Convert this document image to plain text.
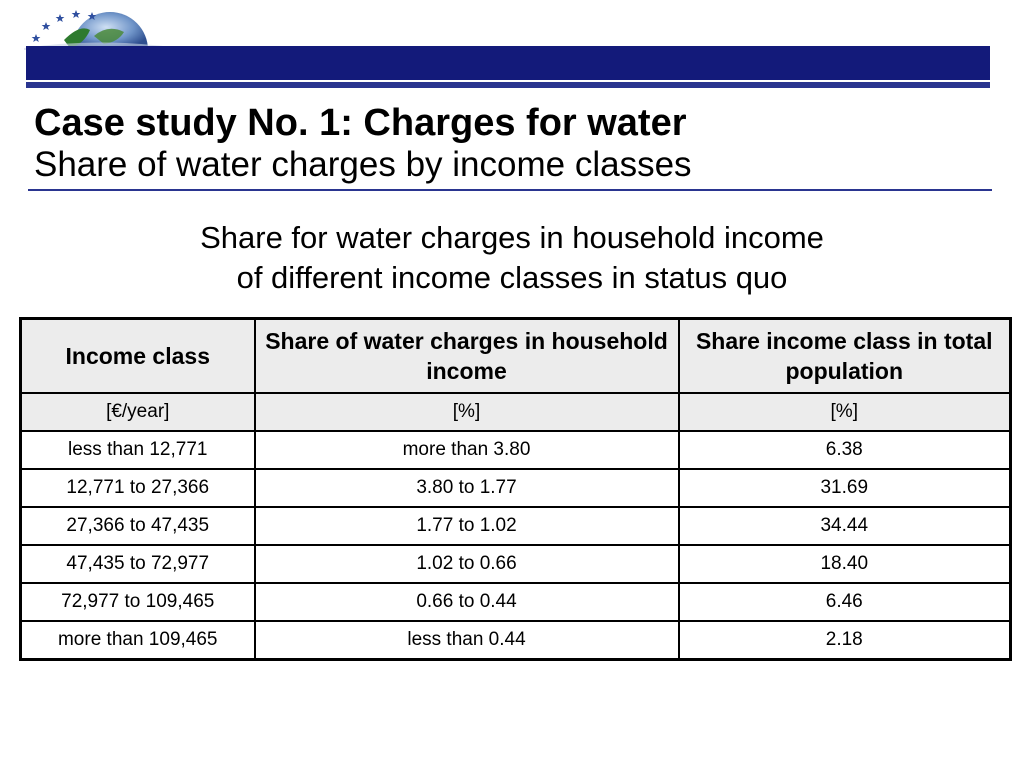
Case study No. 1: Charges for water
Share of water charges by income classes
Share for water charges in household income
of different income classes in status quo
Income class	Share of water charges in household income	Share income class in total population
[€/year]	[%]	[%]
less than 12,771	more than 3.80	6.38
12,771 to 27,366	3.80 to 1.77	31.69
27,366 to 47,435	1.77 to 1.02	34.44
47,435 to 72,977	1.02 to 0.66	18.40
72,977 to 109,465	0.66 to 0.44	6.46
more than 109,465	less than 0.44	2.18
